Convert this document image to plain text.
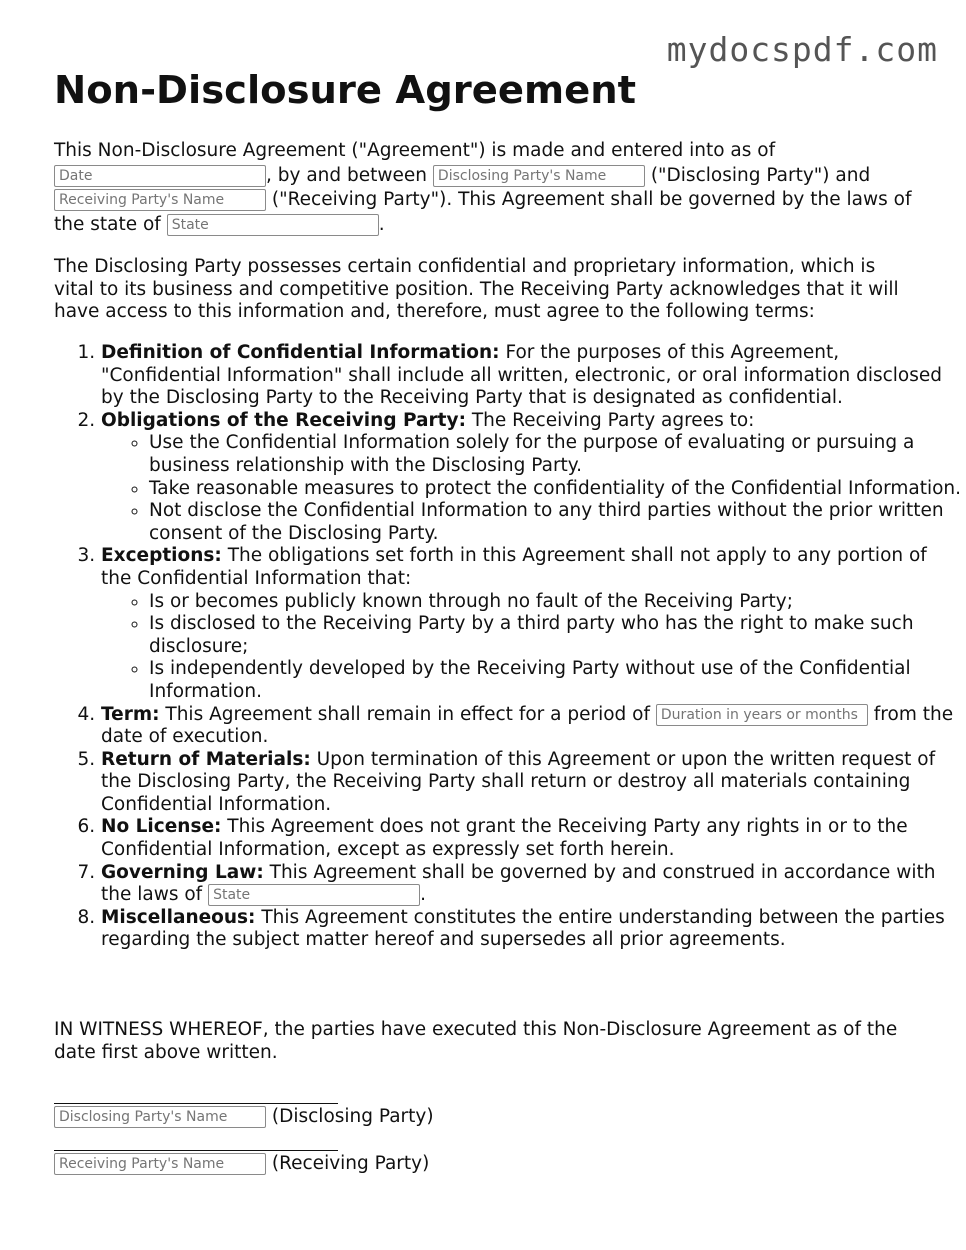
mydocspdf.com
Non-Disclosure Agreement
This Non-Disclosure Agreement ("Agreement") is made and entered into as of
Date, by and between Disclosing Party's Name	("Disclosing Party") and
Receiving Party's Name ("Receiving Party"). This Agreement shall be governed by the laws of the state of State	.
The Disclosing Party possesses certain confidential and proprietary information, which is vital to its business and competitive position. The Receiving Party acknowledges that it will have access to this information and, therefore, must agree to the following terms:
1. Definition of Confidential Information: For the purposes of this Agreement, "Confidential Information" shall include all written, electronic, or oral information disclosed by the Disclosing Party to the Receiving Party that is designated as confidential.
2. Obligations of the Receiving Party: The Receiving Party agrees to:
◦ Use the Confidential Information solely for the purpose of evaluating or pursuing a business relationship with the Disclosing Party.
◦ Take reasonable measures to protect the confidentiality of the Confidential Information.
◦ Not disclose the Confidential Information to any third parties without the prior written consent of the Disclosing Party.
3. Exceptions: The obligations set forth in this Agreement shall not apply to any portion of the Confidential Information that:
◦ Is or becomes publicly known through no fault of the Receiving Party;
◦ Is disclosed to the Receiving Party by a third party who has the right to make such disclosure;
◦ Is independently developed by the Receiving Party without use of the Confidential Information.
4. Term: This Agreement shall remain in effect for a period of Duration in years or months	from the date of execution.
5. Return of Materials: Upon termination of this Agreement or upon the written request of the Disclosing Party, the Receiving Party shall return or destroy all materials containing Confidential Information.
6. No License: This Agreement does not grant the Receiving Party any rights in or to the Confidential Information, except as expressly set forth herein.
7. Governing Law: This Agreement shall be governed by and construed in accordance with the laws of State	.
8. Miscellaneous: This Agreement constitutes the entire understanding between the parties regarding the subject matter hereof and supersedes all prior agreements.
IN WITNESS WHEREOF, the parties have executed this Non-Disclosure Agreement as of the date first above written.
Disclosing Party's Name (Disclosing Party)
Receiving Party's Name (Receiving Party)
